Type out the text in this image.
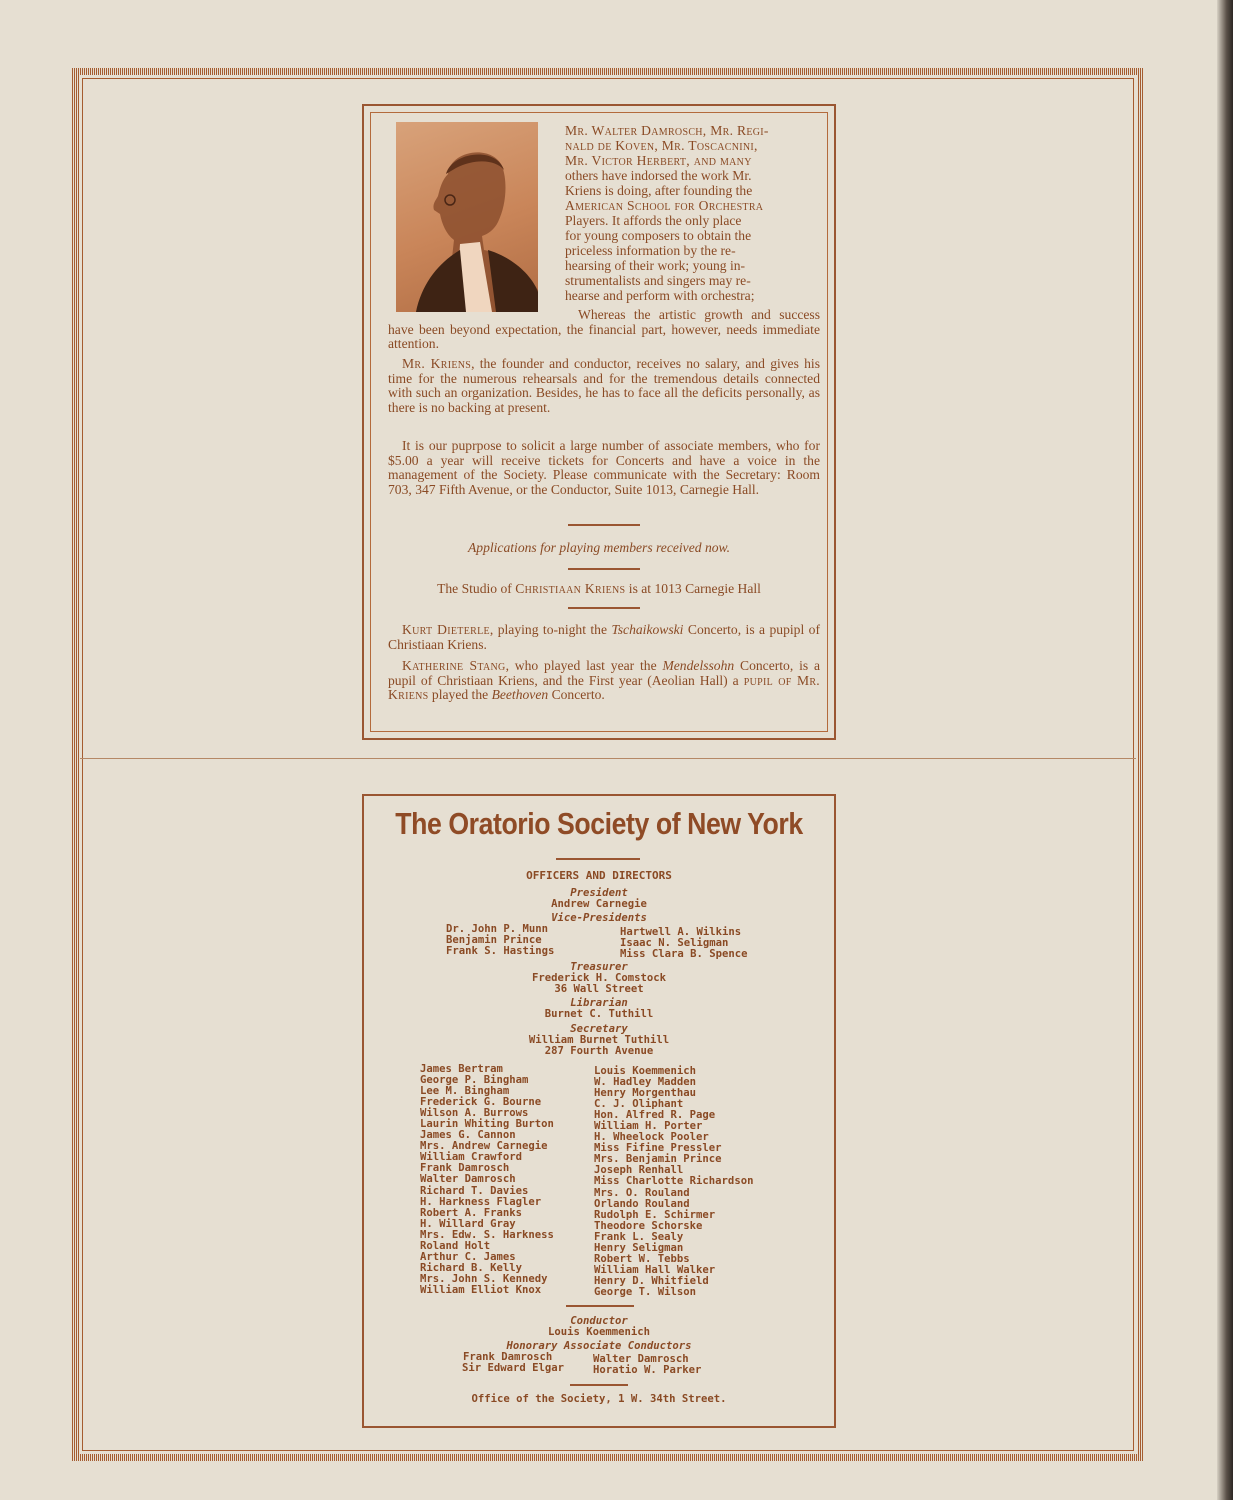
Mr. Walter Damrosch, Mr. Regi-
nald de Koven, Mr. Toscacnini,
Mr. Victor Herbert, and many
others have indorsed the work Mr.
Kriens is doing, after founding the
American School for Orchestra
Players. It affords the only place
for young composers to obtain the
priceless information by the re-
hearsing of their work; young in-
strumentalists and singers may re-
hearse and perform with orchestra;
Whereas the artistic growth and success have been beyond expectation, the financial part, however, needs immediate attention.
Mr. Kriens, the founder and conductor, receives no salary, and gives his time for the numerous rehearsals and for the tremendous details connected with such an organization. Besides, he has to face all the deficits personally, as there is no backing at present.
It is our puprpose to solicit a large number of associate members, who for $5.00 a year will receive tickets for Concerts and have a voice in the management of the Society. Please communicate with the Secretary: Room 703, 347 Fifth Avenue, or the Conductor, Suite 1013, Carnegie Hall.
Applications for playing members received now.
The Studio of Christiaan Kriens is at 1013 Carnegie Hall
Kurt Dieterle, playing to-night the Tschaikowski Concerto, is a pupipl of Christiaan Kriens.
Katherine Stang, who played last year the Mendelssohn Concerto, is a pupil of Christiaan Kriens, and the First year (Aeolian Hall) a pupil of Mr. Kriens played the Beethoven Concerto.
The Oratorio Society of New York
OFFICERS AND DIRECTORS
President
Andrew Carnegie
Vice-Presidents
Dr. John P. Munn
Benjamin Prince
Frank S. Hastings
Hartwell A. Wilkins
Isaac N. Seligman
Miss Clara B. Spence
Treasurer
Frederick H. Comstock
36 Wall Street
Librarian
Burnet C. Tuthill
Secretary
William Burnet Tuthill
287 Fourth Avenue
James Bertram
George P. Bingham
Lee M. Bingham
Frederick G. Bourne
Wilson A. Burrows
Laurin Whiting Burton
James G. Cannon
Mrs. Andrew Carnegie
William Crawford
Frank Damrosch
Walter Damrosch
Richard T. Davies
H. Harkness Flagler
Robert A. Franks
H. Willard Gray
Mrs. Edw. S. Harkness
Roland Holt
Arthur C. James
Richard B. Kelly
Mrs. John S. Kennedy
William Elliot Knox
Louis Koemmenich
W. Hadley Madden
Henry Morgenthau
C. J. Oliphant
Hon. Alfred R. Page
William H. Porter
H. Wheelock Pooler
Miss Fifine Pressler
Mrs. Benjamin Prince
Joseph Renhall
Miss Charlotte Richardson
Mrs. O. Rouland
Orlando Rouland
Rudolph E. Schirmer
Theodore Schorske
Frank L. Sealy
Henry Seligman
Robert W. Tebbs
William Hall Walker
Henry D. Whitfield
George T. Wilson
Conductor
Louis Koemmenich
Honorary Associate Conductors
Frank Damrosch	Walter Damrosch
Sir Edward Elgar	Horatio W. Parker
Office of the Society, 1 W. 34th Street.
